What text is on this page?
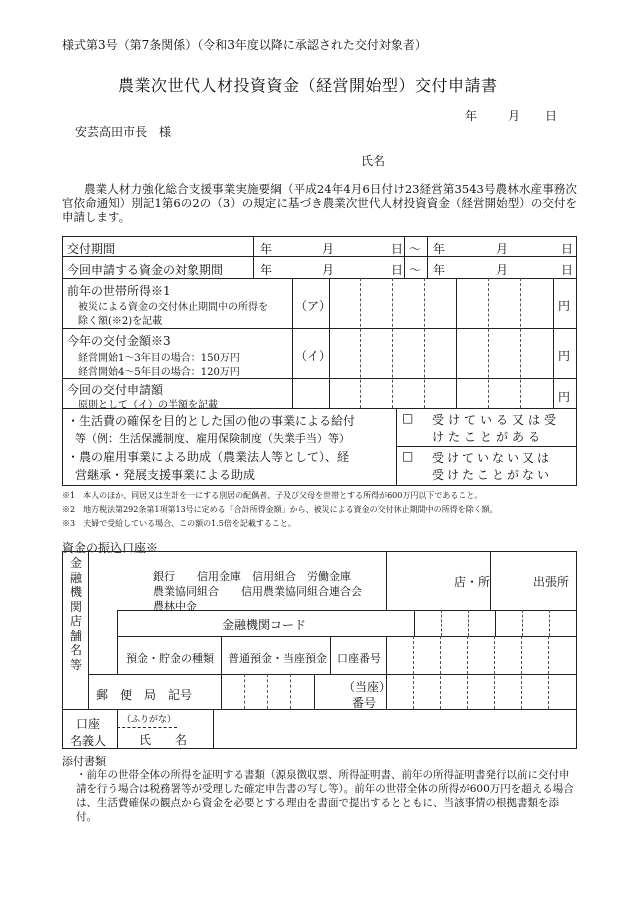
様式第3号（第7条関係）（令和3年度以降に承認された交付対象者）
農業次世代人材投資資金（経営開始型）交付申請書
年	月 日
安芸高田市長　様
氏名
農業人材力強化総合支援事業実施要綱（平成24年4月6日付け23経営第3543号農林水産事務次官依命通知）別記1第6の2の（3）の規定に基づき農業次世代人材投資資金（経営開始型）の交付を申請します。
交付期間	年	月	日 ～ 年	月	日
今回申請する資金の対象期間	年	月	日 ～ 年	月	日
前年の世帯所得※1
被災による資金の交付休止期間中の所得を
除く額(※2)を記載
（ア）	円
今年の交付金額※3
経営開始1～3年目の場合：150万円
経営開始4～5年目の場合：120万円
（イ）	円
今回の交付申請額
原則として（イ）の半額を記載
円
・生活費の確保を目的とした国の他の事業による給付
等（例：生活保護制度、雇用保険制度（失業手当）等）
・農の雇用事業による助成（農業法人等として）、経
営継承・発展支援事業による助成
□ 受けている又は受
けたことがある
□ 受けていない又は
受けたことがない
※1　 本人のほか、同居又は生計を一にする別居の配偶者、子及び父母を世帯とする所得が600万円以下であること。
※2　 地方税法第292条第1項第13号に定める「合計所得金額」から、被災による資金の交付休止期間中の所得を除く額。
※3　 夫婦で受給している場合、この額の1.5倍を記載すること。
資金の振込口座※
金融機関店舗名等
銀行　　信用金庫　信用組合　労働金庫
農業協同組合　　信用農業協同組合連合会
農林中金
店・所	出張所
金融機関コード
預金・貯金の種類 普通預金・当座預金 口座番号
郵　便　局　記号
（当座）
番号
口座
名義人
（ふりがな）
氏　　名
添付書類
・前年の世帯全体の所得を証明する書類（源泉徴収票、所得証明書、前年の所得証明書発行以前に交付申請を行う場合は税務署等が受理した確定申告書の写し等）。前年の世帯全体の所得が600万円を超える場合は、生活費確保の観点から資金を必要とする理由を書面で提出するとともに、当該事情の根拠書類を添付。
